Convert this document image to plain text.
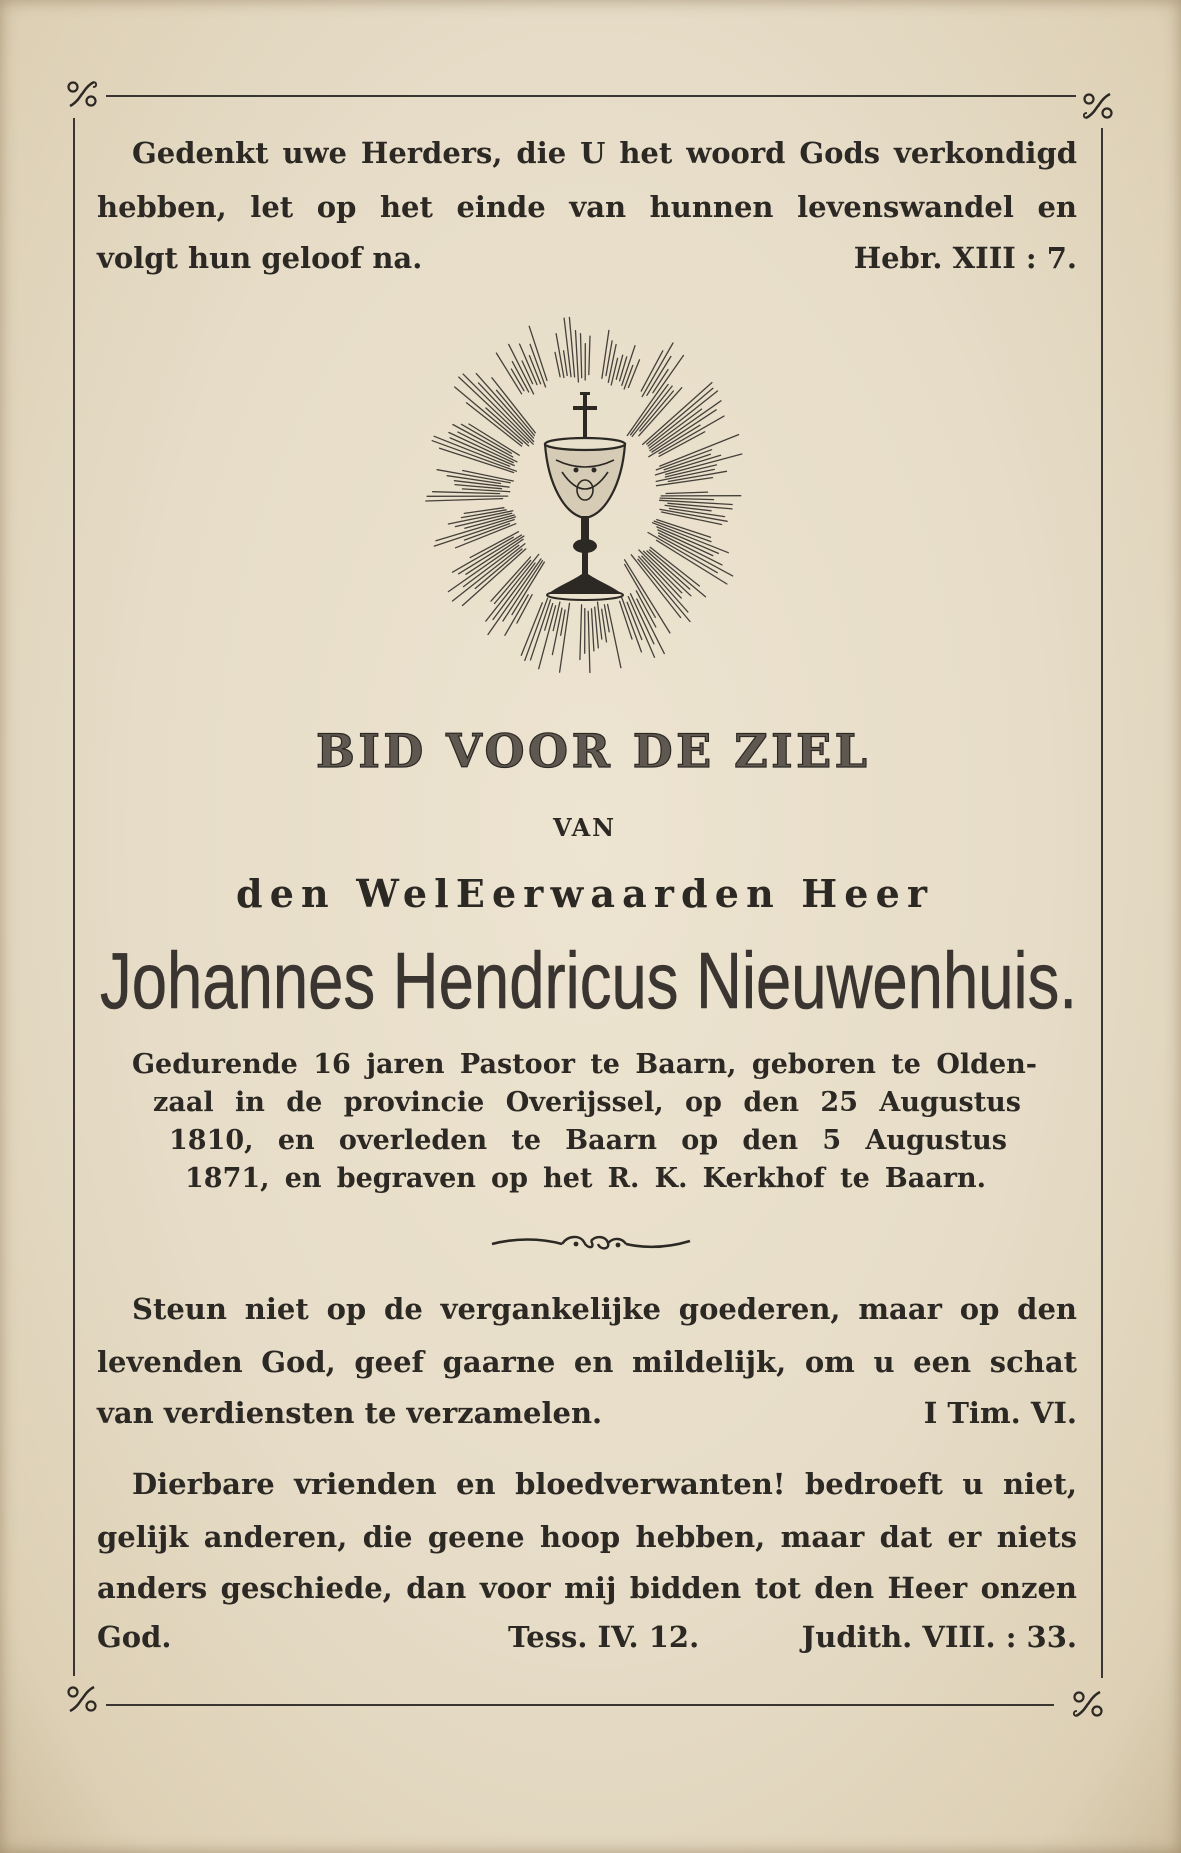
Gedenkt uwe Herders, die U het woord Gods verkondigd
hebben, let op het einde van hunnen levenswandel en
volgt hun geloof na.	Hebr. XIII : 7.
BID VOOR DE ZIEL
VAN
den WelEerwaarden Heer
Johannes Hendricus Nieuwenhuis.
Gedurende 16 jaren Pastoor te Baarn, geboren te Olden-
zaal in de provincie Overijssel, op den 25 Augustus
1810, en overleden te Baarn op den 5 Augustus
1871, en begraven op het R. K. Kerkhof te Baarn.
Steun niet op de vergankelijke goederen, maar op den
levenden God, geef gaarne en mildelijk, om u een schat
van verdiensten te verzamelen.	I Tim. VI.
Dierbare vrienden en bloedverwanten! bedroeft u niet,
gelijk anderen, die geene hoop hebben, maar dat er niets
anders geschiede, dan voor mij bidden tot den Heer onzen
God.	Tess. IV. 12.	Judith. VIII. : 33.
